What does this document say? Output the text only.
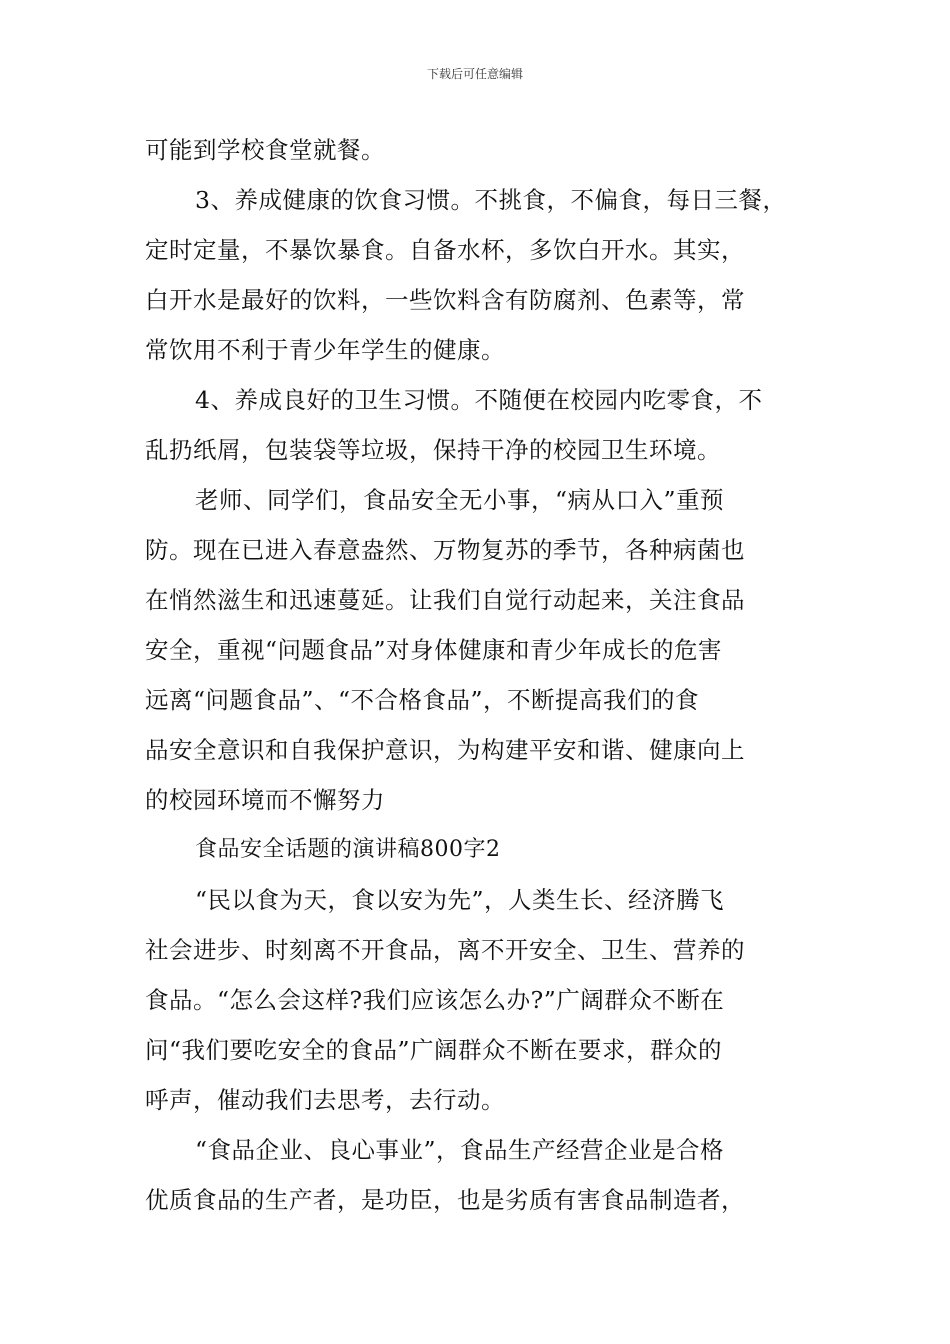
下载后可任意编辑

可能到学校食堂就餐。

3、养成健康的饮食习惯。不挑食，不偏食，每日三餐，
定时定量，不暴饮暴食。自备水杯，多饮白开水。其实，
白开水是最好的饮料，一些饮料含有防腐剂、色素等，常
常饮用不利于青少年学生的健康。

4、养成良好的卫生习惯。不随便在校园内吃零食，不
乱扔纸屑，包装袋等垃圾，保持干净的校园卫生环境。

老师、同学们，食品安全无小事，“病从口入”重预
防。现在已进入春意盎然、万物复苏的季节，各种病菌也
在悄然滋生和迅速蔓延。让我们自觉行动起来，关注食品
安全，重视“问题食品”对身体健康和青少年成长的危害
远离“问题食品”、“不合格食品”，不断提高我们的食
品安全意识和自我保护意识，为构建平安和谐、健康向上
的校园环境而不懈努力

食品安全话题的演讲稿800字2

“民以食为天，食以安为先”，人类生长、经济腾飞
社会进步、时刻离不开食品，离不开安全、卫生、营养的
食品。“怎么会这样?我们应该怎么办?”广阔群众不断在
问“我们要吃安全的食品”广阔群众不断在要求，群众的
呼声，催动我们去思考，去行动。

“食品企业、良心事业”，食品生产经营企业是合格
优质食品的生产者，是功臣，也是劣质有害食品制造者，
